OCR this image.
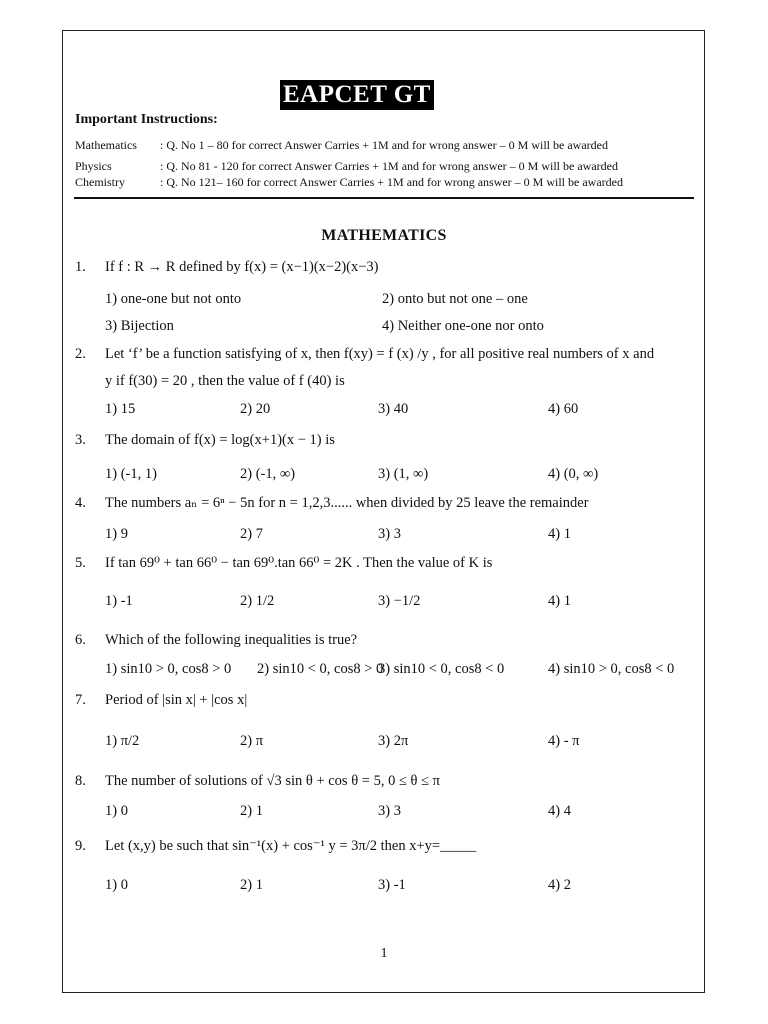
EAPCET GT
Important Instructions:
Mathematics : Q. No 1 – 80 for correct Answer Carries + 1M and for wrong answer – 0 M will be awarded
Physics	: Q. No 81 - 120 for correct Answer Carries + 1M and for wrong answer – 0 M will be awarded
Chemistry	: Q. No 121– 160 for correct Answer Carries + 1M and for wrong answer – 0 M will be awarded
MATHEMATICS
1. If f : R → R defined by f(x) = (x−1)(x−2)(x−3)
1) one-one but not onto	2) onto but not one – one
3) Bijection	4) Neither one-one nor onto
2. Let ‘f’ be a function satisfying of x, then f(xy) = f (x) /y , for all positive real numbers of x and
y if f(30) = 20 , then the value of f (40) is
1) 15	2) 20	3) 40	4) 60
3. The domain of f(x) = log(x+1)(x − 1) is
1) (-1, 1)	2) (-1, ∞)	3) (1, ∞)	4) (0, ∞)
4. The numbers aₙ = 6ⁿ − 5n for n = 1,2,3...... when divided by 25 leave the remainder
1) 9	2) 7	3) 3	4) 1
5. If tan 69⁰ + tan 66⁰ − tan 69⁰.tan 66⁰ = 2K . Then the value of K is
1) -1	2) 1/2	3) −1/2	4) 1
6. Which of the following inequalities is true?
1) sin10 > 0, cos8 > 0 2) sin10 < 0, cos8 > 0
3) sin10 < 0, cos8 < 0	4) sin10 > 0, cos8 < 0
7. Period of |sin x| + |cos x|
1) π/2	2) π	3) 2π	4) - π
8. The number of solutions of √3 sin θ + cos θ = 5, 0 ≤ θ ≤ π
1) 0	2) 1	3) 3	4) 4
9. Let (x,y) be such that sin⁻¹(x) + cos⁻¹ y = 3π/2 then x+y=_____
1) 0	2) 1	3) -1	4) 2
1
